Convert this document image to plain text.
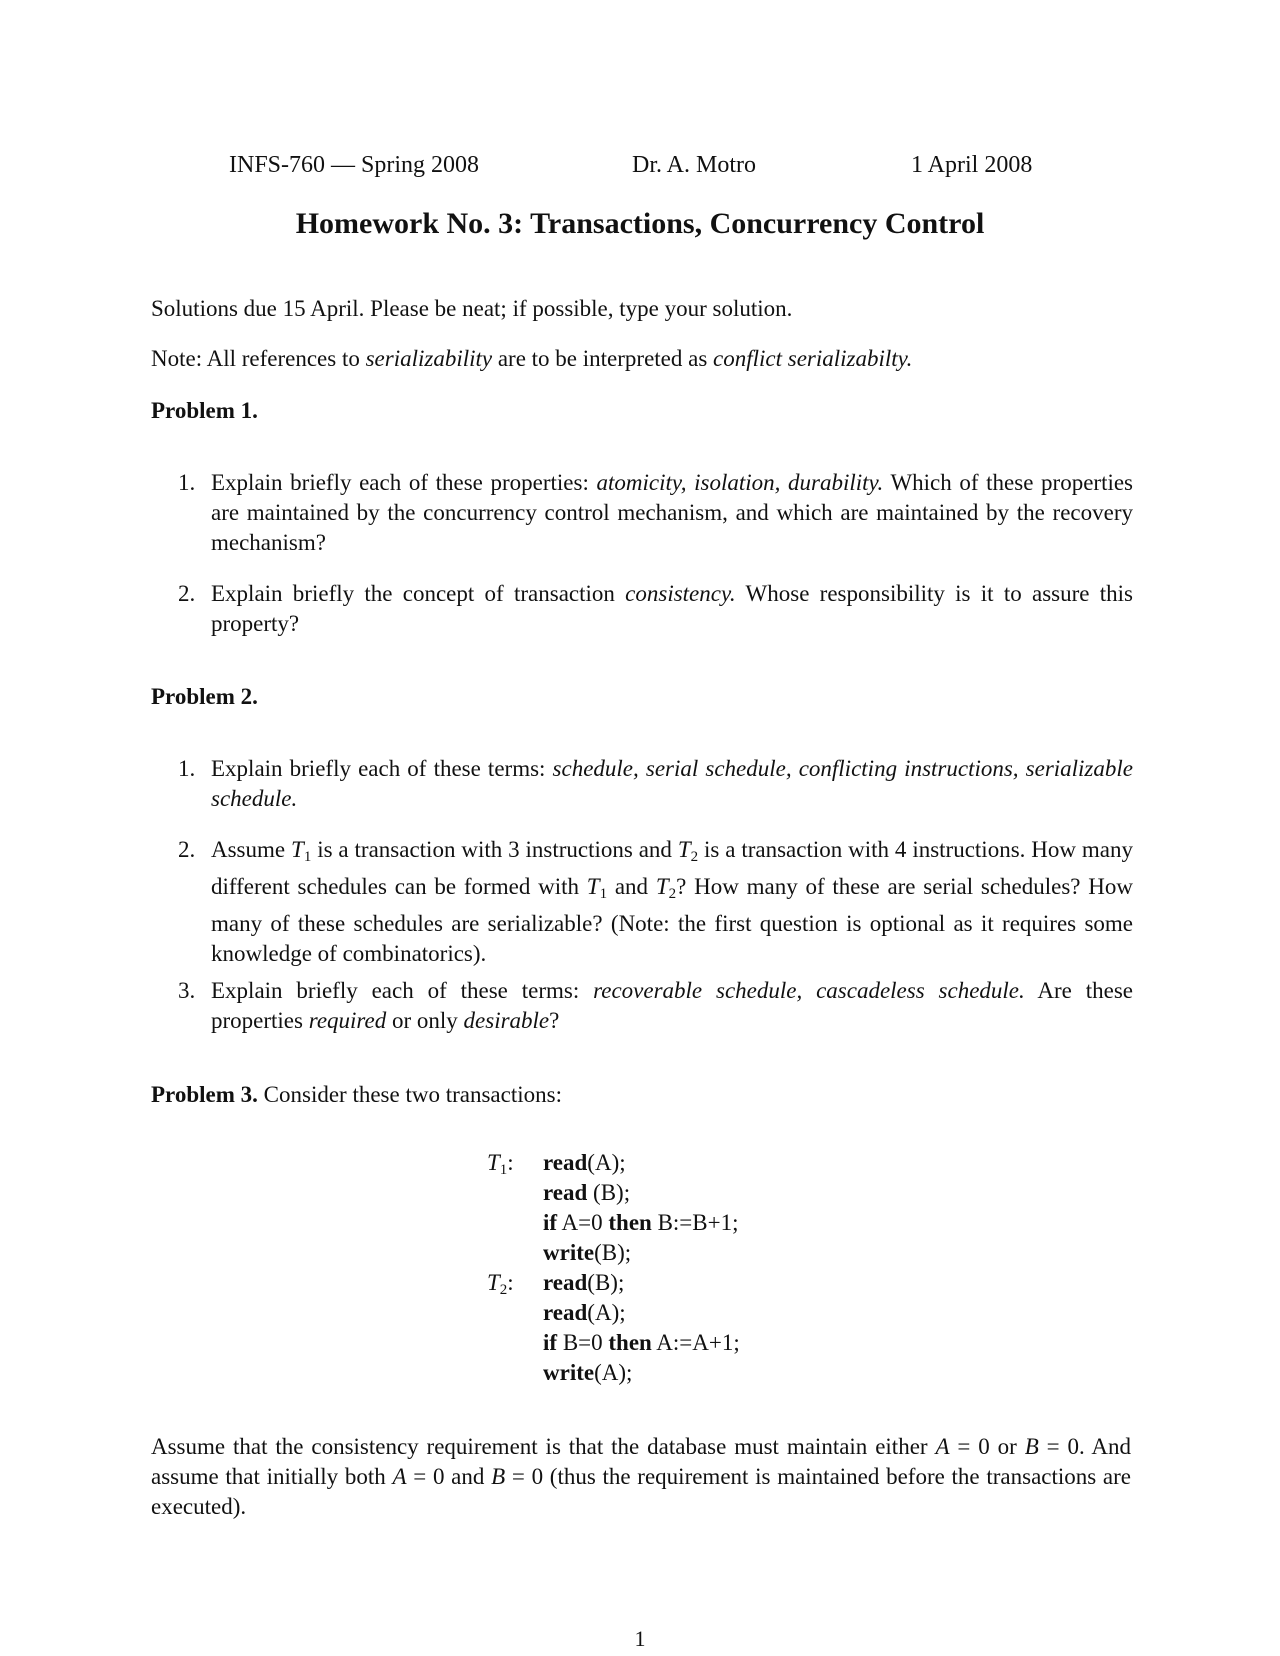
INFS-760 — Spring 2008	Dr. A. Motro	1 April 2008
Homework No. 3: Transactions, Concurrency Control
Solutions due 15 April. Please be neat; if possible, type your solution.
Note: All references to serializability are to be interpreted as conflict serializabilty.
Problem 1.
1. Explain briefly each of these properties: atomicity, isolation, durability. Which of these properties are maintained by the concurrency control mechanism, and which are maintained by the recovery mechanism?
2. Explain briefly the concept of transaction consistency. Whose responsibility is it to assure this property?
Problem 2.
1. Explain briefly each of these terms: schedule, serial schedule, conflicting instructions, serializable schedule.
2. Assume $T_1$ is a transaction with 3 instructions and $T_2$ is a transaction with 4 instructions. How many different schedules can be formed with $T_1$ and $T_2$? How many of these are serial schedules? How many of these schedules are serializable? (Note: the first question is optional as it requires some knowledge of combinatorics).
3. Explain briefly each of these terms: recoverable schedule, cascadeless schedule. Are these properties required or only desirable?
Problem 3. Consider these two transactions:
$T_1$:	read(A);
read (B);
if A=0 then B:=B+1;
write(B);
$T_2$:	read(B);
read(A);
if B=0 then A:=A+1;
write(A);
Assume that the consistency requirement is that the database must maintain either A = 0 or B = 0. And assume that initially both A = 0 and B = 0 (thus the requirement is maintained before the transactions are executed).
1
